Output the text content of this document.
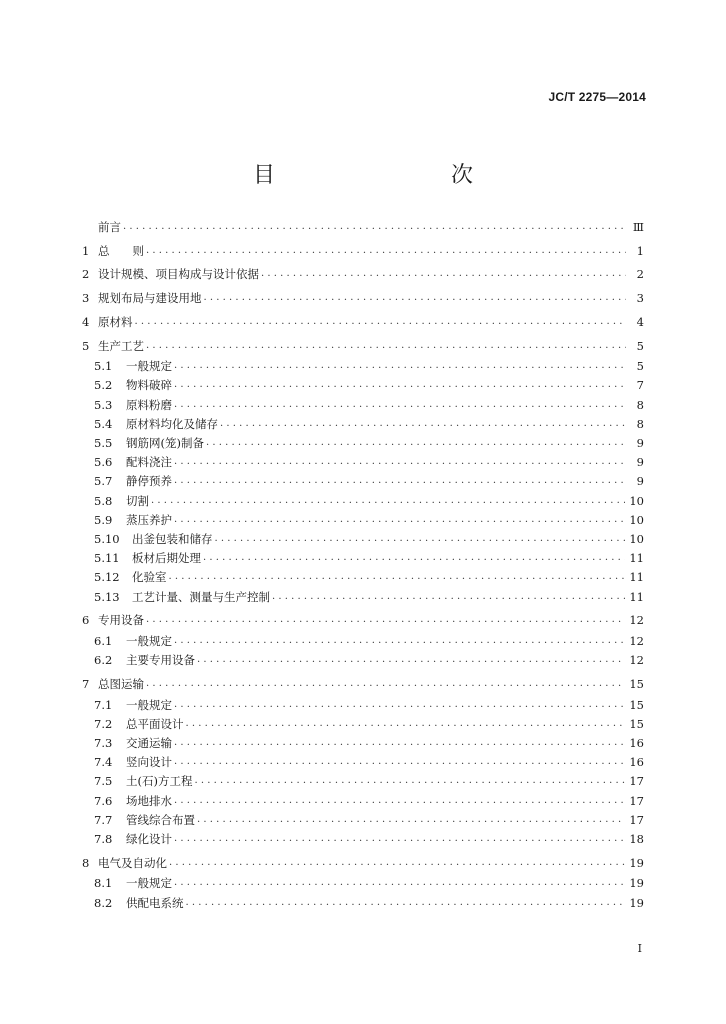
JC/T 2275—2014
目　　次
前言 .....	Ⅲ
1 总　　则 .....	1
2 设计规模、项目构成与设计依据 .....	2
3 规划布局与建设用地 .....	3
4 原材料 .....	4
5 生产工艺 .....	5
5.1	一般规定 .....	5
5.2	物料破碎 .....	7
5.3	原料粉磨 .....	8
5.4	原材料均化及储存 .....	8
5.5	钢筋网(笼)制备 .....	9
5.6	配料浇注 .....	9
5.7	静停预养 .....	9
5.8	切割 .....	10
5.9	蒸压养护 .....	10
5.10	出釜包装和储存 .....	10
5.11	板材后期处理 .....	11
5.12	化验室 .....	11
5.13	工艺计量、测量与生产控制 .....	11
6 专用设备 .....	12
6.1	一般规定 .....	12
6.2	主要专用设备 .....	12
7 总图运输 .....	15
7.1	一般规定 .....	15
7.2	总平面设计 .....	15
7.3	交通运输 .....	16
7.4	竖向设计 .....	16
7.5	土(石)方工程 .....	17
7.6	场地排水 .....	17
7.7	管线综合布置 .....	17
7.8	绿化设计 .....	18
8 电气及自动化 .....	19
8.1	一般规定 .....	19
8.2	供配电系统 .....	19
I
